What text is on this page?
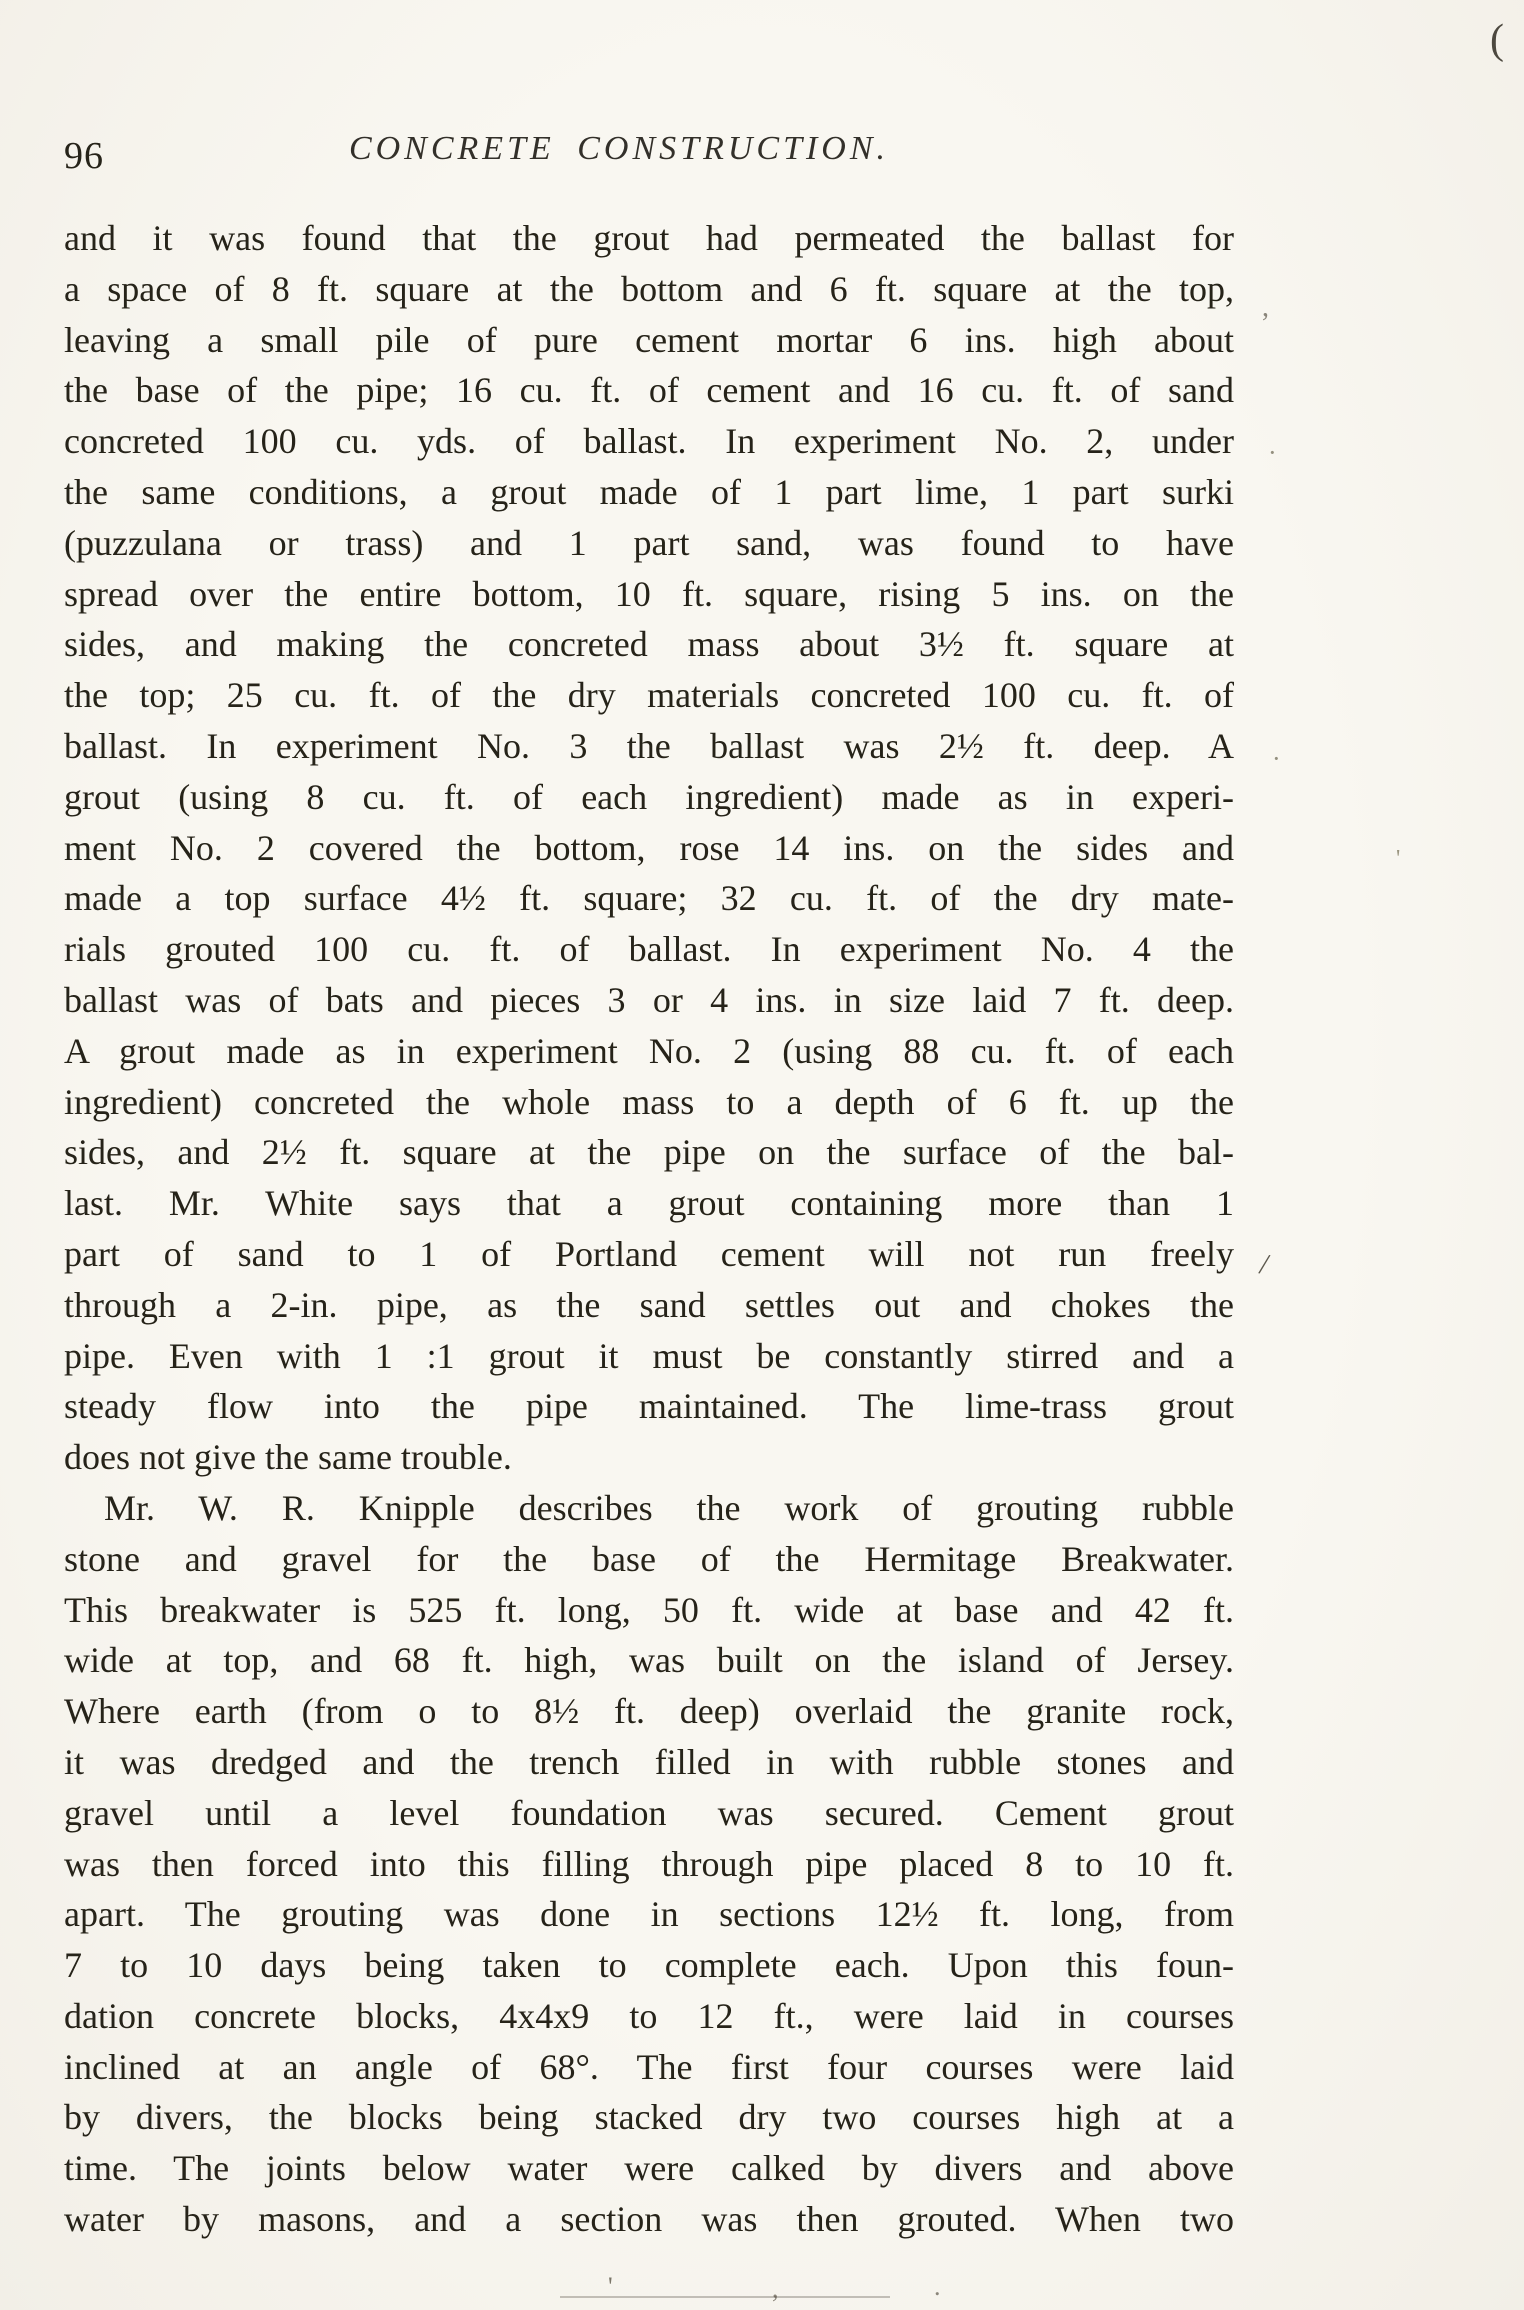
96	CONCRETE CONSTRUCTION.
and it was found that the grout had permeated the ballast for
a space of 8 ft. square at the bottom and 6 ft. square at the top,
leaving a small pile of pure cement mortar 6 ins. high about
the base of the pipe; 16 cu. ft. of cement and 16 cu. ft. of sand
concreted 100 cu. yds. of ballast. In experiment No. 2, under
the same conditions, a grout made of 1 part lime, 1 part surki
(puzzulana or trass) and 1 part sand, was found to have
spread over the entire bottom, 10 ft. square, rising 5 ins. on the
sides, and making the concreted mass about 3½ ft. square at
the top; 25 cu. ft. of the dry materials concreted 100 cu. ft. of
ballast. In experiment No. 3 the ballast was 2½ ft. deep. A
grout (using 8 cu. ft. of each ingredient) made as in experi-
ment No. 2 covered the bottom, rose 14 ins. on the sides and
made a top surface 4½ ft. square; 32 cu. ft. of the dry mate-
rials grouted 100 cu. ft. of ballast. In experiment No. 4 the
ballast was of bats and pieces 3 or 4 ins. in size laid 7 ft. deep.
A grout made as in experiment No. 2 (using 88 cu. ft. of each
ingredient) concreted the whole mass to a depth of 6 ft. up the
sides, and 2½ ft. square at the pipe on the surface of the bal-
last. Mr. White says that a grout containing more than 1
part of sand to 1 of Portland cement will not run freely
through a 2-in. pipe, as the sand settles out and chokes the
pipe. Even with 1 :1 grout it must be constantly stirred and a
steady flow into the pipe maintained. The lime-trass grout
does not give the same trouble.
Mr. W. R. Knipple describes the work of grouting rubble
stone and gravel for the base of the Hermitage Breakwater.
This breakwater is 525 ft. long, 50 ft. wide at base and 42 ft.
wide at top, and 68 ft. high, was built on the island of Jersey.
Where earth (from o to 8½ ft. deep) overlaid the granite rock,
it was dredged and the trench filled in with rubble stones and
gravel until a level foundation was secured. Cement grout
was then forced into this filling through pipe placed 8 to 10 ft.
apart. The grouting was done in sections 12½ ft. long, from
7 to 10 days being taken to complete each. Upon this foun-
dation concrete blocks, 4x4x9 to 12 ft., were laid in courses
inclined at an angle of 68°. The first four courses were laid
by divers, the blocks being stacked dry two courses high at a
time. The joints below water were calked by divers and above
water by masons, and a section was then grouted. When two
(
,
·
·
/
'
'	,	.
